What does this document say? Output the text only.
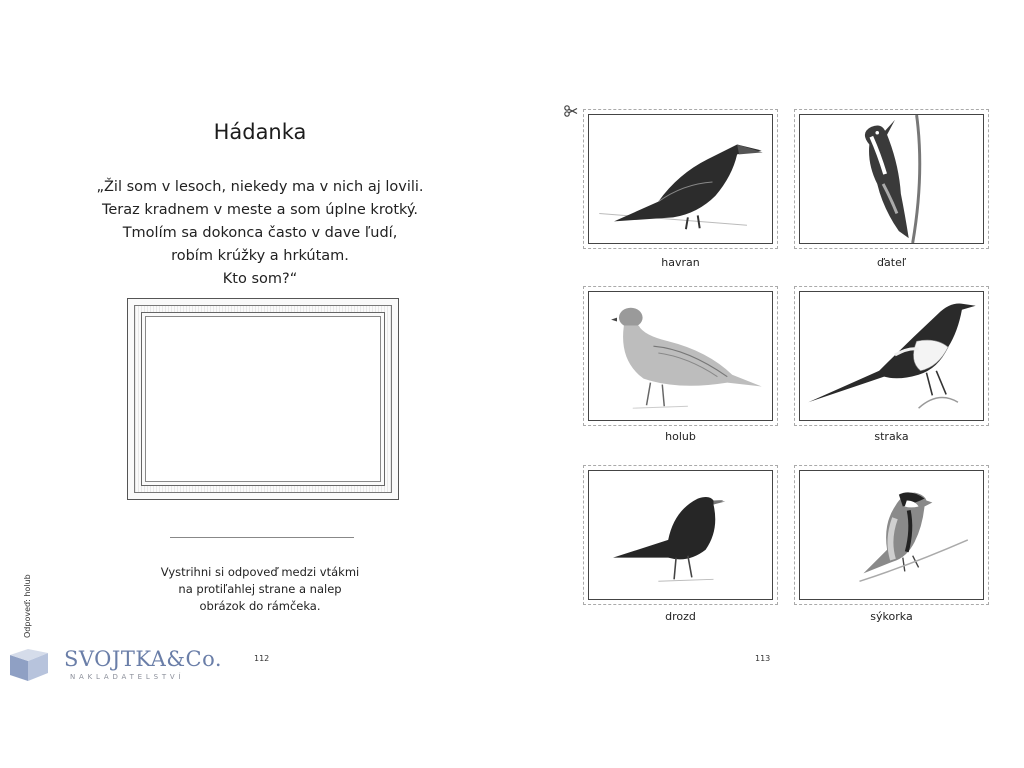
Hádanka
„Žil som v lesoch, niekedy ma v nich aj lovili.
Teraz kradnem v meste a som úplne krotký.
Tmolím sa dokonca často v dave ľudí,
robím krúžky a hrkútam.
Kto som?“
Vystrihni si odpoveď medzi vtákmi
na protiľahlej strane a nalep
obrázok do rámčeka.
Odpoveď: holub
112
SVOJTKA&Co.
NAKLADATELSTVÍ
havran	ďateľ
holub	straka
drozd	sýkorka
113
